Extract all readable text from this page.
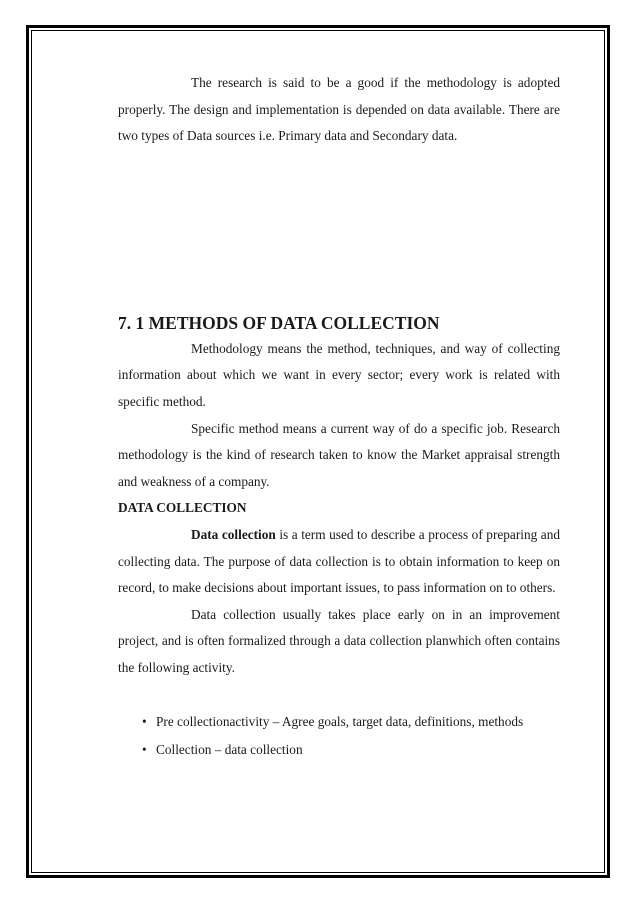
The research is said to be a good if the methodology is adopted properly. The design and implementation is depended on data available. There are two types of Data sources i.e. Primary data and Secondary data.

7. 1 METHODS OF DATA COLLECTION

Methodology means the method, techniques, and way of collecting information about which we want in every sector; every work is related with specific method.

Specific method means a current way of do a specific job. Research methodology is the kind of research taken to know the Market appraisal strength and weakness of a company.

DATA COLLECTION

Data collection is a term used to describe a process of preparing and collecting data. The purpose of data collection is to obtain information to keep on record, to make decisions about important issues, to pass information on to others.

Data collection usually takes place early on in an improvement project, and is often formalized through a data collection planwhich often contains the following activity.

• Pre collectionactivity – Agree goals, target data, definitions, methods
• Collection – data collection
